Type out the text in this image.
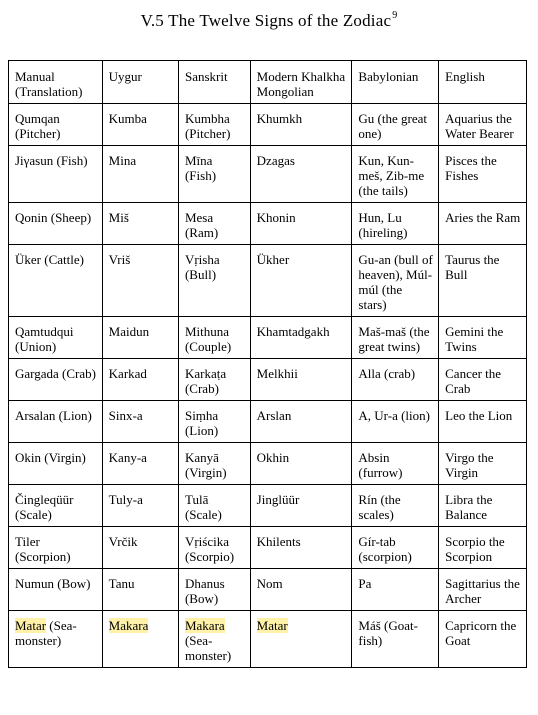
V.5 The Twelve Signs of the Zodiac$^9$
Manual (Translation)	Uygur	Sanskrit	Modern Khalkha Mongolian	Babylonian	English
Qumqan (Pitcher)	Kumba	Kumbha (Pitcher)	Khumkh	Gu (the great one)	Aquarius the Water Bearer
Jiγasun (Fish)	Mina	Mīna (Fish)	Dzagas	Kun, Kun-meš, Zib-me (the tails)	Pisces the Fishes
Qonin (Sheep)	Miš	Mesa (Ram)	Khonin	Hun, Lu (hireling)	Aries the Ram
Üker (Cattle)	Vriš	Vṛisha (Bull)	Ükher	Gu-an (bull of heaven), Múl-múl (the stars)	Taurus the Bull
Qamtudqui (Union)	Maidun	Mithuna (Couple)	Khamtadgakh	Maš-maš (the great twins)	Gemini the Twins
Gargada (Crab)	Karkad	Karkaṭa (Crab)	Melkhii	Alla (crab)	Cancer the Crab
Arsalan (Lion)	Sinx-a	Siṃha (Lion)	Arslan	A, Ur-a (lion)	Leo the Lion
Okin (Virgin)	Kany-a	Kanyā (Virgin)	Okhin	Absin (furrow)	Virgo the Virgin
Čingleqüür (Scale)	Tuly-a	Tulā (Scale)	Jinglüür	Rín (the scales)	Libra the Balance
Tiler (Scorpion)	Vrčik	Vṛiścika (Scorpio)	Khilents	Gír-tab (scorpion)	Scorpio the Scorpion
Numun (Bow)	Tanu	Dhanus (Bow)	Nom	Pa	Sagittarius the Archer
Matar (Sea-monster)	Makara	Makara (Sea-monster)	Matar	Máš (Goat-fish)	Capricorn the Goat
